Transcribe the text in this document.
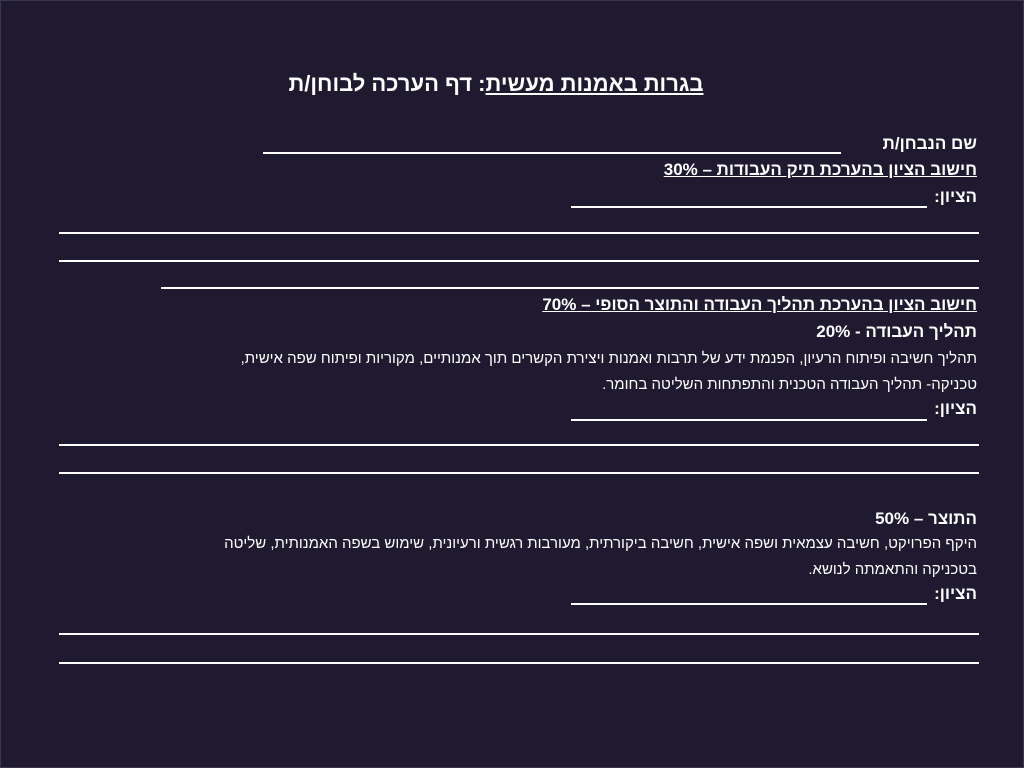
בגרות באמנות מעשית: דף הערכה לבוחן/ת
שם הנבחן/ת
חישוב הציון בהערכת תיק העבודות – 30%
הציון:
חישוב הציון בהערכת תהליך העבודה והתוצר הסופי – 70%
תהליך העבודה - 20%
תהליך חשיבה ופיתוח הרעיון, הפנמת ידע של תרבות ואמנות ויצירת הקשרים תוך אמנותיים, מקוריות ופיתוח שפה אישית,
טכניקה- תהליך העבודה הטכנית והתפתחות השליטה בחומר.
הציון:
התוצר – 50%
היקף הפרויקט, חשיבה עצמאית ושפה אישית, חשיבה ביקורתית, מעורבות רגשית ורעיונית, שימוש בשפה האמנותית, שליטה
בטכניקה והתאמתה לנושא.
הציון:
